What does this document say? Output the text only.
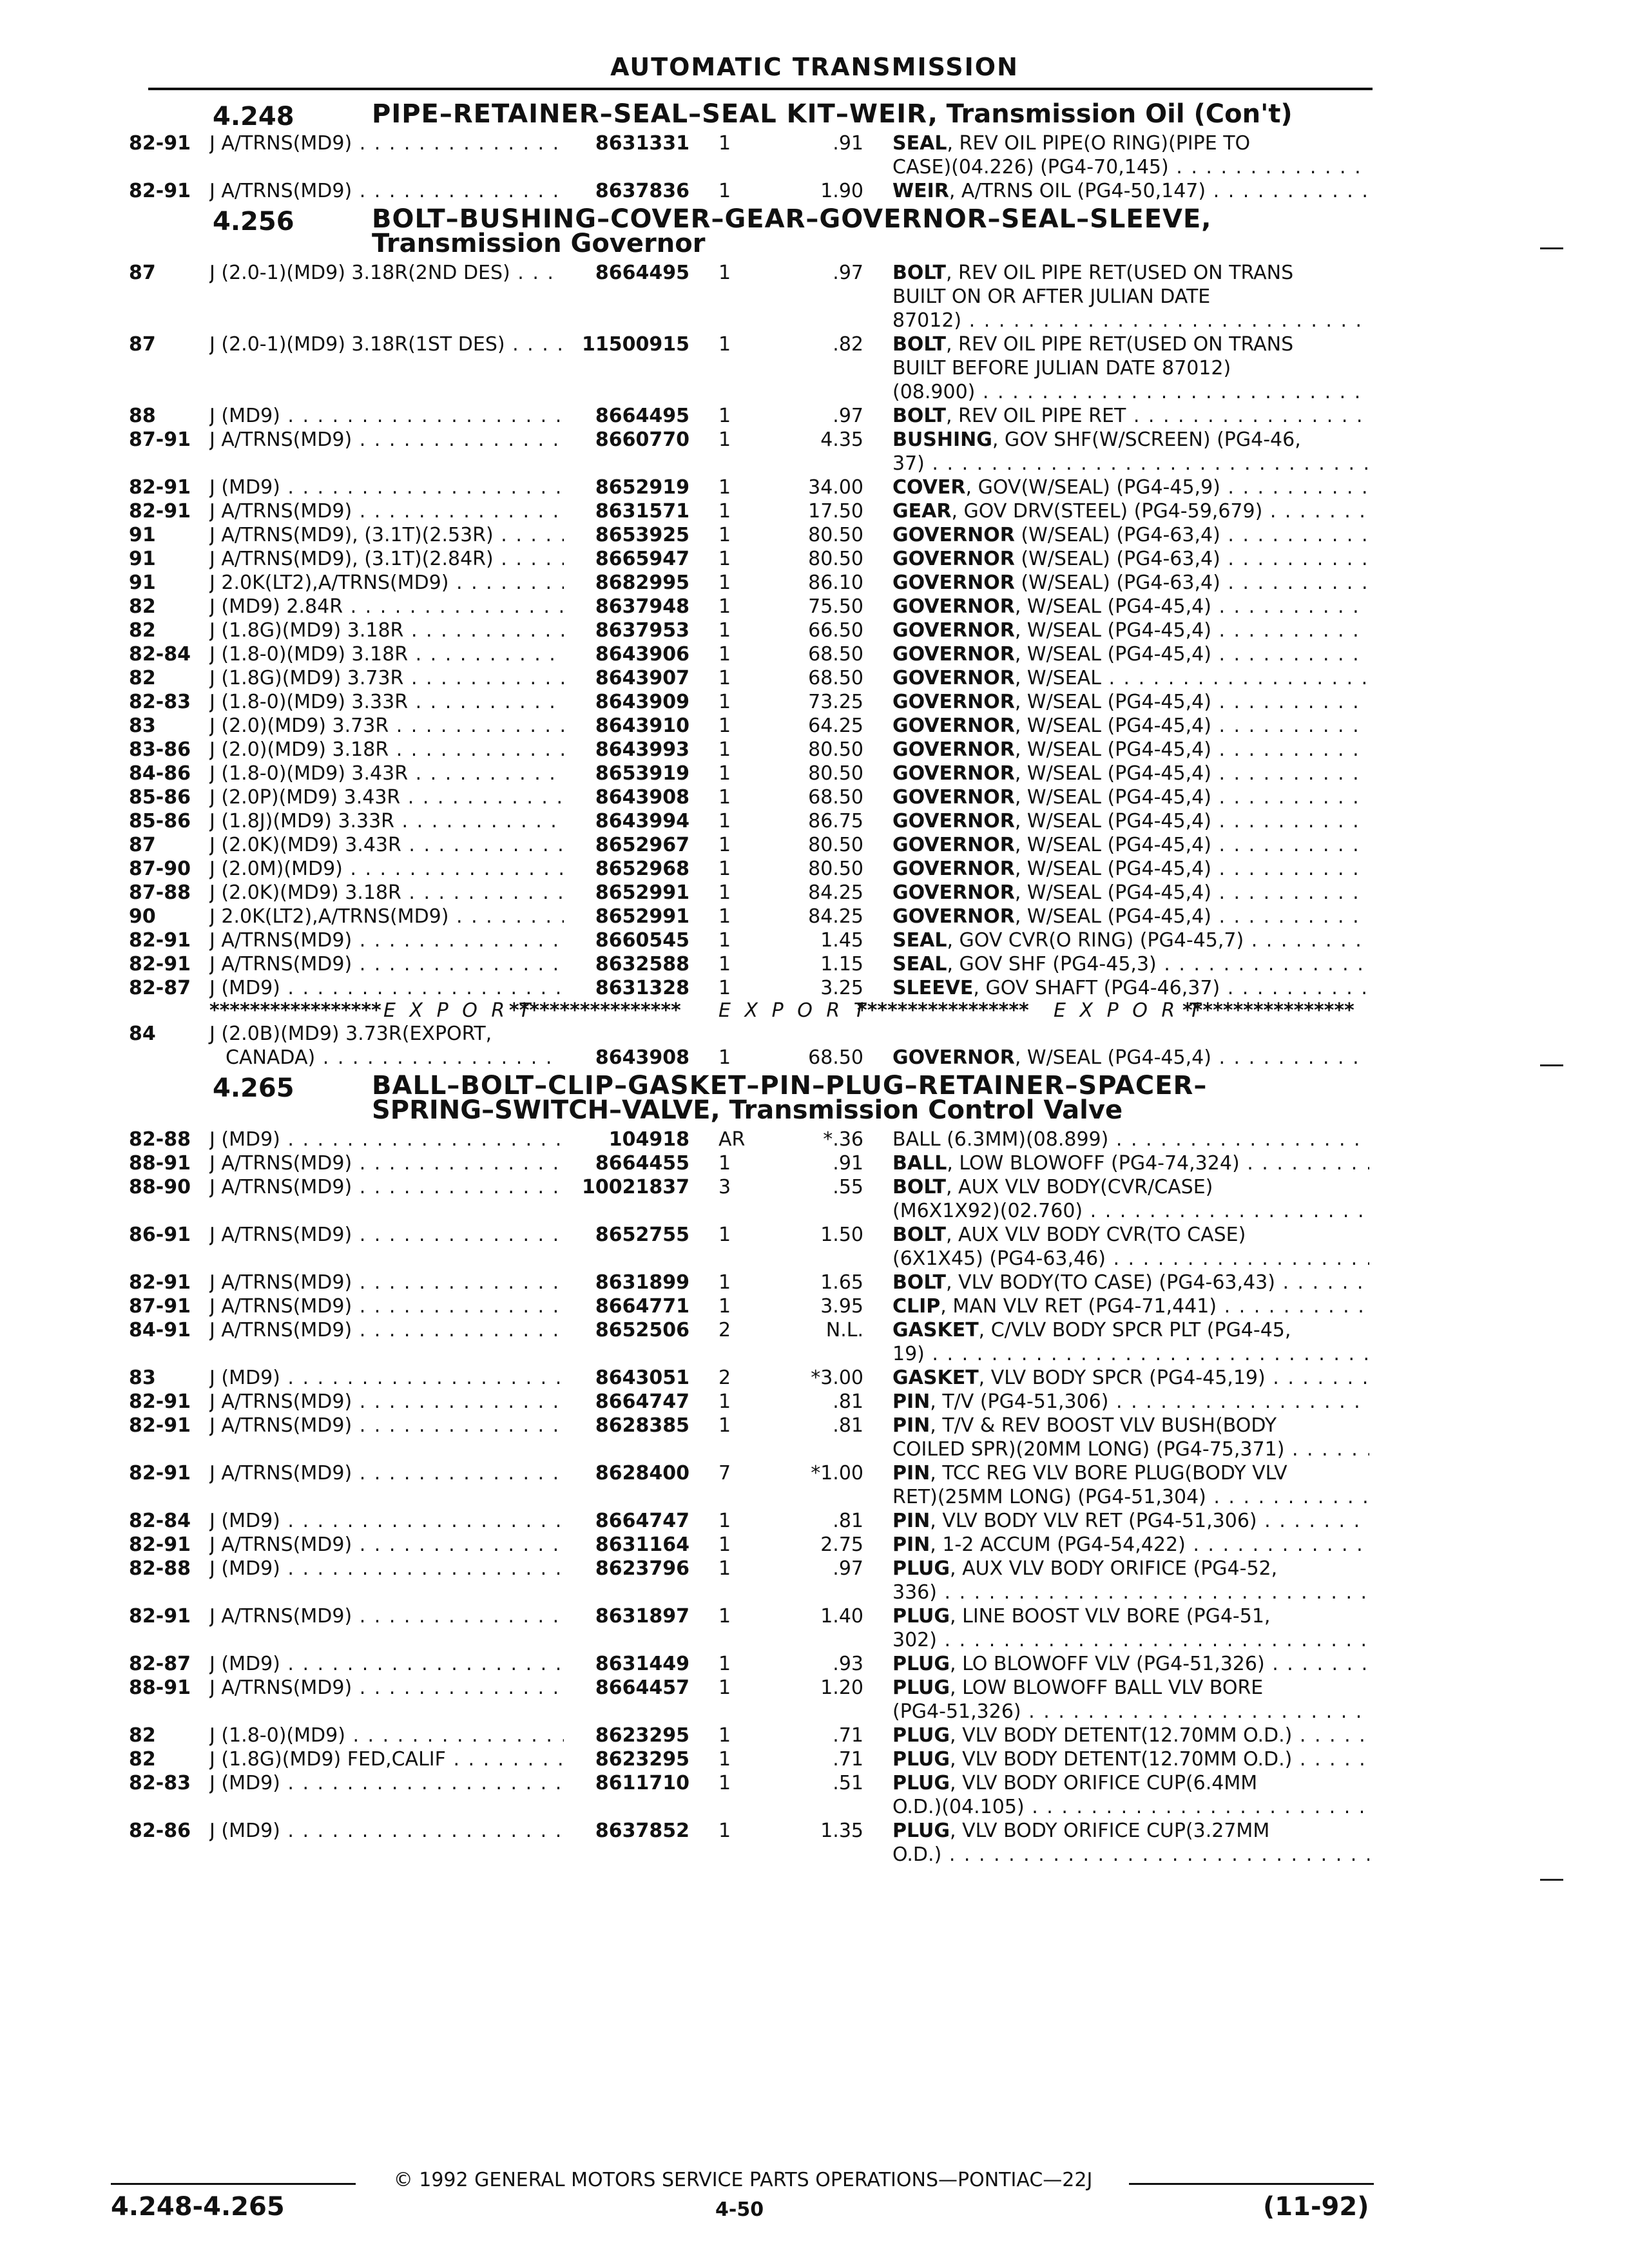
AUTOMATIC TRANSMISSION
4.248	PIPE–RETAINER–SEAL–SEAL KIT–WEIR, Transmission Oil (Con't)
82-91 J A/TRNS(MD9) . . .	8631331 1	.91 SEAL, REV OIL PIPE(O RING)(PIPE TO
CASE)(04.226) (PG4-70,145) . . .
82-91 J A/TRNS(MD9) . . .	8637836 1	1.90 WEIR, A/TRNS OIL (PG4-50,147) . . .
4.256	BOLT–BUSHING–COVER–GEAR–GOVERNOR–SEAL–SLEEVE,
Transmission Governor
87	J (2.0-1)(MD9) 3.18R(2ND DES) . . .	8664495 1	.97 BOLT, REV OIL PIPE RET(USED ON TRANS
BUILT ON OR AFTER JULIAN DATE
87012) . . .
87	J (2.0-1)(MD9) 3.18R(1ST DES) . . .	11500915 1	.82 BOLT, REV OIL PIPE RET(USED ON TRANS
BUILT BEFORE JULIAN DATE 87012)
(08.900) . . .
88	J (MD9) . . .	8664495 1	.97 BOLT, REV OIL PIPE RET . . .
87-91 J A/TRNS(MD9) . . .	8660770 1	4.35 BUSHING, GOV SHF(W/SCREEN) (PG4-46,
37) . . .
82-91 J (MD9) . . .	8652919 1	34.00 COVER, GOV(W/SEAL) (PG4-45,9) . . .
82-91 J A/TRNS(MD9) . . .	8631571 1	17.50 GEAR, GOV DRV(STEEL) (PG4-59,679) . . .
91	J A/TRNS(MD9), (3.1T)(2.53R) . . .	8653925 1	80.50 GOVERNOR (W/SEAL) (PG4-63,4) . . .
91	J A/TRNS(MD9), (3.1T)(2.84R) . . .	8665947 1	80.50 GOVERNOR (W/SEAL) (PG4-63,4) . . .
91	J 2.0K(LT2),A/TRNS(MD9) . . .	8682995 1	86.10 GOVERNOR (W/SEAL) (PG4-63,4) . . .
82	J (MD9) 2.84R . . .	8637948 1	75.50 GOVERNOR, W/SEAL (PG4-45,4) . . .
82	J (1.8G)(MD9) 3.18R . . .	8637953 1	66.50 GOVERNOR, W/SEAL (PG4-45,4) . . .
82-84 J (1.8-0)(MD9) 3.18R . . .	8643906 1	68.50 GOVERNOR, W/SEAL (PG4-45,4) . . .
82	J (1.8G)(MD9) 3.73R . . .	8643907 1	68.50 GOVERNOR, W/SEAL . . .
82-83 J (1.8-0)(MD9) 3.33R . . .	8643909 1	73.25 GOVERNOR, W/SEAL (PG4-45,4) . . .
83	J (2.0)(MD9) 3.73R . . .	8643910 1	64.25 GOVERNOR, W/SEAL (PG4-45,4) . . .
83-86 J (2.0)(MD9) 3.18R . . .	8643993 1	80.50 GOVERNOR, W/SEAL (PG4-45,4) . . .
84-86 J (1.8-0)(MD9) 3.43R . . .	8653919 1	80.50 GOVERNOR, W/SEAL (PG4-45,4) . . .
85-86 J (2.0P)(MD9) 3.43R . . .	8643908 1	68.50 GOVERNOR, W/SEAL (PG4-45,4) . . .
85-86 J (1.8J)(MD9) 3.33R . . .	8643994 1	86.75 GOVERNOR, W/SEAL (PG4-45,4) . . .
87	J (2.0K)(MD9) 3.43R . . .	8652967 1	80.50 GOVERNOR, W/SEAL (PG4-45,4) . . .
87-90 J (2.0M)(MD9) . . .	8652968 1	80.50 GOVERNOR, W/SEAL (PG4-45,4) . . .
87-88 J (2.0K)(MD9) 3.18R . . .	8652991 1	84.25 GOVERNOR, W/SEAL (PG4-45,4) . . .
90	J 2.0K(LT2),A/TRNS(MD9) . . .	8652991 1	84.25 GOVERNOR, W/SEAL (PG4-45,4) . . .
82-91 J A/TRNS(MD9) . . .	8660545 1	1.45 SEAL, GOV CVR(O RING) (PG4-45,7) . . .
82-91 J A/TRNS(MD9) . . .	8632588 1	1.15 SEAL, GOV SHF (PG4-45,3) . . .
82-87 J (MD9) . . .	8631328 1	3.25 SLEEVE, GOV SHAFT (PG4-46,37) . . .
***************** E X P O R T
***************** E X P O R T
***************** E X P O R T
*****************
84	J (2.0B)(MD9) 3.73R(EXPORT,
CANADA) . . .	8643908 1	68.50 GOVERNOR, W/SEAL (PG4-45,4) . . .
4.265	BALL–BOLT–CLIP–GASKET–PIN–PLUG–RETAINER–SPACER–
SPRING–SWITCH–VALVE, Transmission Control Valve
82-88 J (MD9) . . .	104918 AR	*.36 BALL (6.3MM)(08.899) . . .
88-91 J A/TRNS(MD9) . . .	8664455 1	.91 BALL, LOW BLOWOFF (PG4-74,324) . . .
88-90 J A/TRNS(MD9) . . .	10021837 3	.55 BOLT, AUX VLV BODY(CVR/CASE)
(M6X1X92)(02.760) . . .
86-91 J A/TRNS(MD9) . . .	8652755 1	1.50 BOLT, AUX VLV BODY CVR(TO CASE)
(6X1X45) (PG4-63,46) . . .
82-91 J A/TRNS(MD9) . . .	8631899 1	1.65 BOLT, VLV BODY(TO CASE) (PG4-63,43) . . .
87-91 J A/TRNS(MD9) . . .	8664771 1	3.95 CLIP, MAN VLV RET (PG4-71,441) . . .
84-91 J A/TRNS(MD9) . . .	8652506 2	N.L. GASKET, C/VLV BODY SPCR PLT (PG4-45,
19) . . .
83	J (MD9) . . .	8643051 2	*3.00 GASKET, VLV BODY SPCR (PG4-45,19) . . .
82-91 J A/TRNS(MD9) . . .	8664747 1	.81 PIN, T/V (PG4-51,306) . . .
82-91 J A/TRNS(MD9) . . .	8628385 1	.81 PIN, T/V & REV BOOST VLV BUSH(BODY
COILED SPR)(20MM LONG) (PG4-75,371) . . .
82-91 J A/TRNS(MD9) . . .	8628400 7	*1.00 PIN, TCC REG VLV BORE PLUG(BODY VLV
RET)(25MM LONG) (PG4-51,304) . . .
82-84 J (MD9) . . .	8664747 1	.81 PIN, VLV BODY VLV RET (PG4-51,306) . . .
82-91 J A/TRNS(MD9) . . .	8631164 1	2.75 PIN, 1-2 ACCUM (PG4-54,422) . . .
82-88 J (MD9) . . .	8623796 1	.97 PLUG, AUX VLV BODY ORIFICE (PG4-52,
336) . . .
82-91 J A/TRNS(MD9) . . .	8631897 1	1.40 PLUG, LINE BOOST VLV BORE (PG4-51,
302) . . .
82-87 J (MD9) . . .	8631449 1	.93 PLUG, LO BLOWOFF VLV (PG4-51,326) . . .
88-91 J A/TRNS(MD9) . . .	8664457 1	1.20 PLUG, LOW BLOWOFF BALL VLV BORE
(PG4-51,326) . . .
82	J (1.8-0)(MD9) . . .	8623295 1	.71 PLUG, VLV BODY DETENT(12.70MM O.D.) . . .
82	J (1.8G)(MD9) FED,CALIF . . .	8623295 1	.71 PLUG, VLV BODY DETENT(12.70MM O.D.) . . .
82-83 J (MD9) . . .	8611710 1	.51 PLUG, VLV BODY ORIFICE CUP(6.4MM
O.D.)(04.105) . . .
82-86 J (MD9) . . .	8637852 1	1.35 PLUG, VLV BODY ORIFICE CUP(3.27MM
O.D.) . . .
© 1992 GENERAL MOTORS SERVICE PARTS OPERATIONS—PONTIAC—22J
4.248-4.265	4-50	(11-92)
